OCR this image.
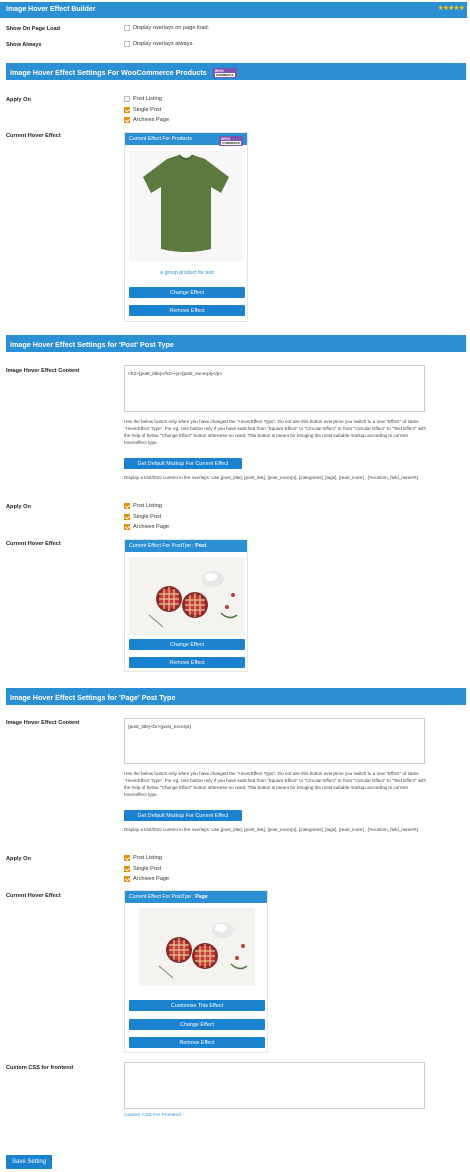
Image Hover Effect Builder	★★★★★
Show On Page Load	Display overlays on page load.
Show Always	Display overlays always.
Image Hover Effect Settings For WooCommerce Products WOO
COMMERCE
Apply On	Post Listing
Single Post
Archives Page
Current Hover Effect	Current Effect For Products	WOO
COMMERCE
a group product for test
Change Effect
Remove Effect
Image Hover Effect Settings for 'Post' Post Type
Image Hover Effect Content
<h2>{post_title}</h2><p>{post_excerpt}</p>
Use the below button only when you have changed the "HoverEffect Type". Do not use this button everytime you switch to a new "Effect" of same "HoverEffect Type". For eg. Use button only if you have switched from "Square Effect" to "Circular Effect" or from "Circular Effect" to "Text Effect" with the help of below "Change Effect" button otherwise no need. This button is meant for bringing the most suitable markup according to current hovereffect type.
Get Default Markup For Current Effect
Display a text/html content in the overlays. Use,[post_title], [post_link], [post_excerpt], [categories], [tags], [read_more] , [%custom_field_name%]
Apply On	Post Listing
Single Post
Archives Page
Current Hover Effect	Current Effect For PostTpe : Post
Change Effect
Remove Effect
Image Hover Effect Settings for 'Page' Post Type
Image Hover Effect Content
{post_title}<br>{post_excerpt}
Use the below button only when you have changed the "HoverEffect Type". Do not use this button everytime you switch to a new "Effect" of same "HoverEffect Type". For eg. Use button only if you have switched from "Square Effect" to "Circular Effect" or from "Circular Effect" to "Text Effect" with the help of below "Change Effect" button otherwise no need. This button is meant for bringing the most suitable markup according to current hovereffect type.
Get Default Markup For Current Effect
Display a text/html content in the overlays. Use,[post_title], [post_link], [post_excerpt], [categories], [tags], [read_more] , [%custom_field_name%]
Apply On	Post Listing
Single Post
Archives Page
Current Hover Effect	Current Effect For PostTpe : Page
Customise This Effect
Change Effect
Remove Effect
Custom CSS for frontend
Custom CSS For Frontend
Save Setting
